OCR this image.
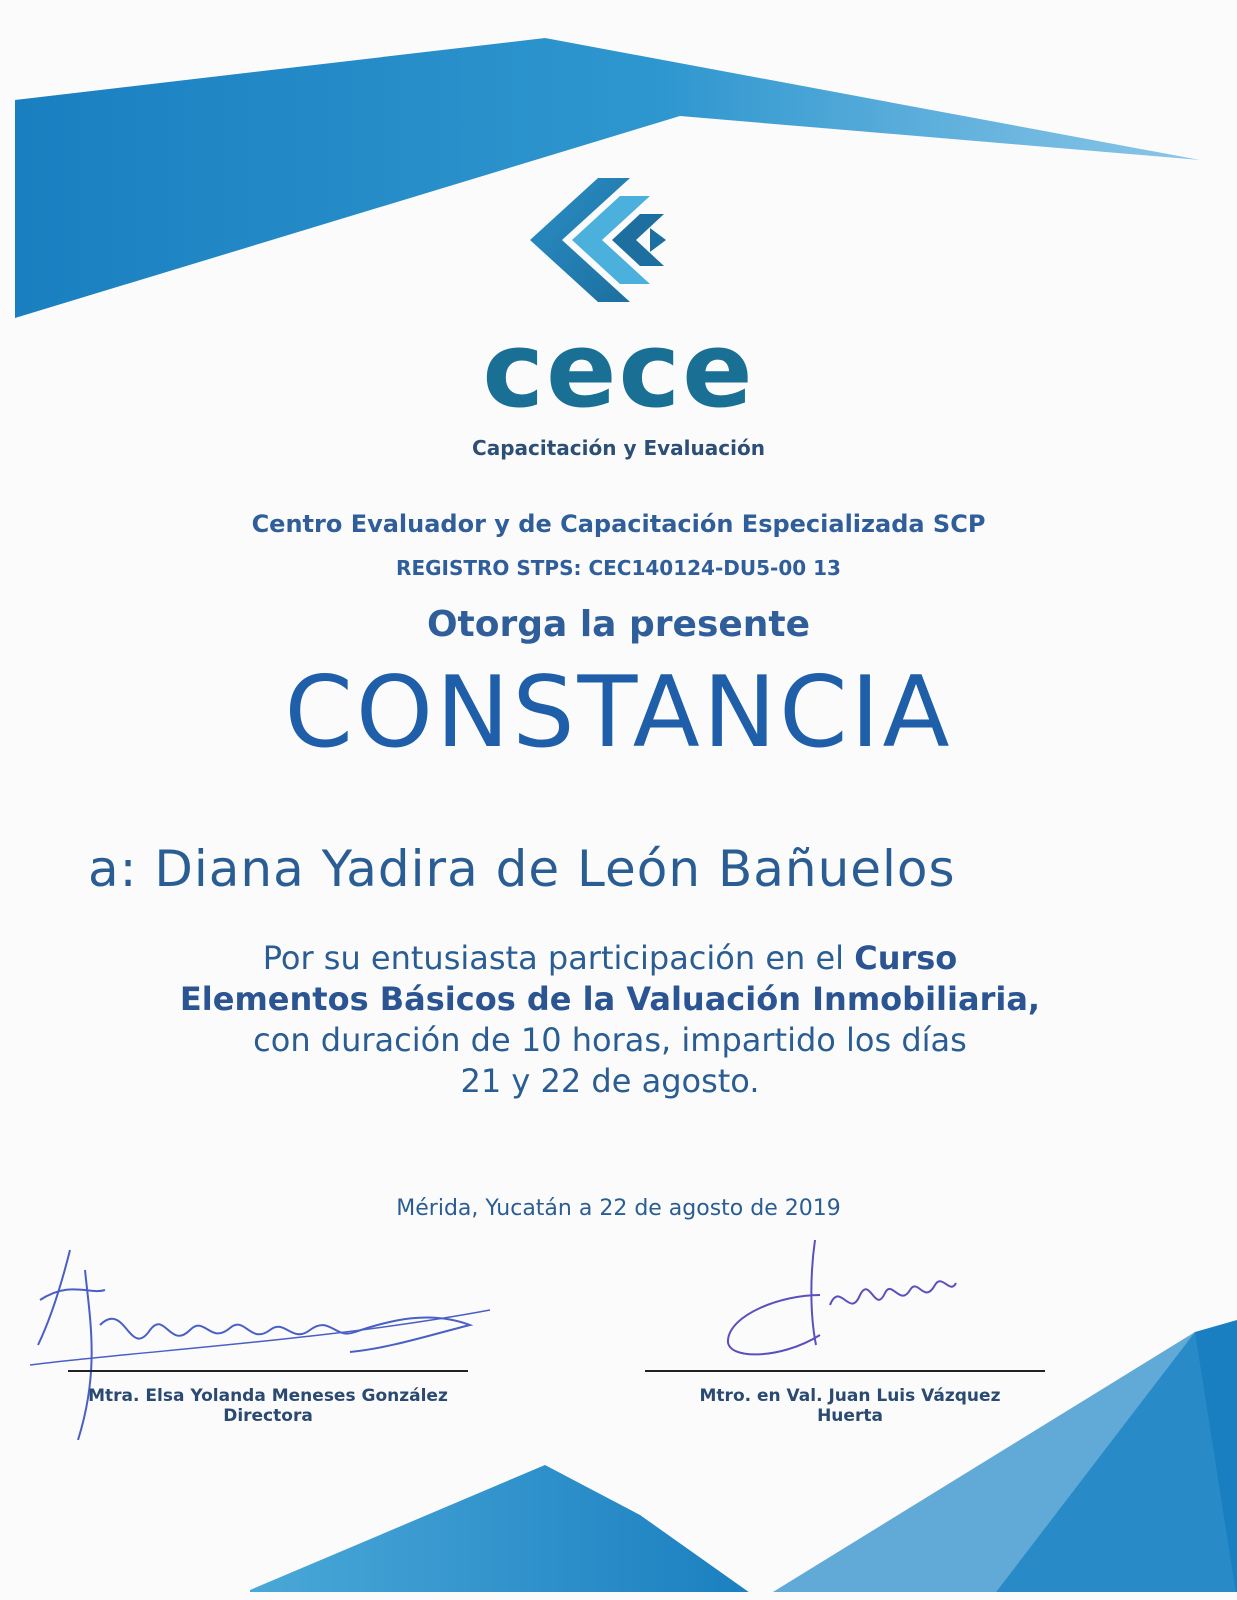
cece
Capacitación y Evaluación
Centro Evaluador y de Capacitación Especializada SCP
REGISTRO STPS: CEC140124-DU5-00 13
Otorga la presente
CONSTANCIA
a: Diana Yadira de León Bañuelos
Por su entusiasta participación en el Curso
Elementos Básicos de la Valuación Inmobiliaria,
con duración de 10 horas, impartido los días
21 y 22 de agosto.
Mérida, Yucatán a 22 de agosto de 2019
Mtra. Elsa Yolanda Meneses González
Directora
Mtro. en Val. Juan Luis Vázquez
Huerta
